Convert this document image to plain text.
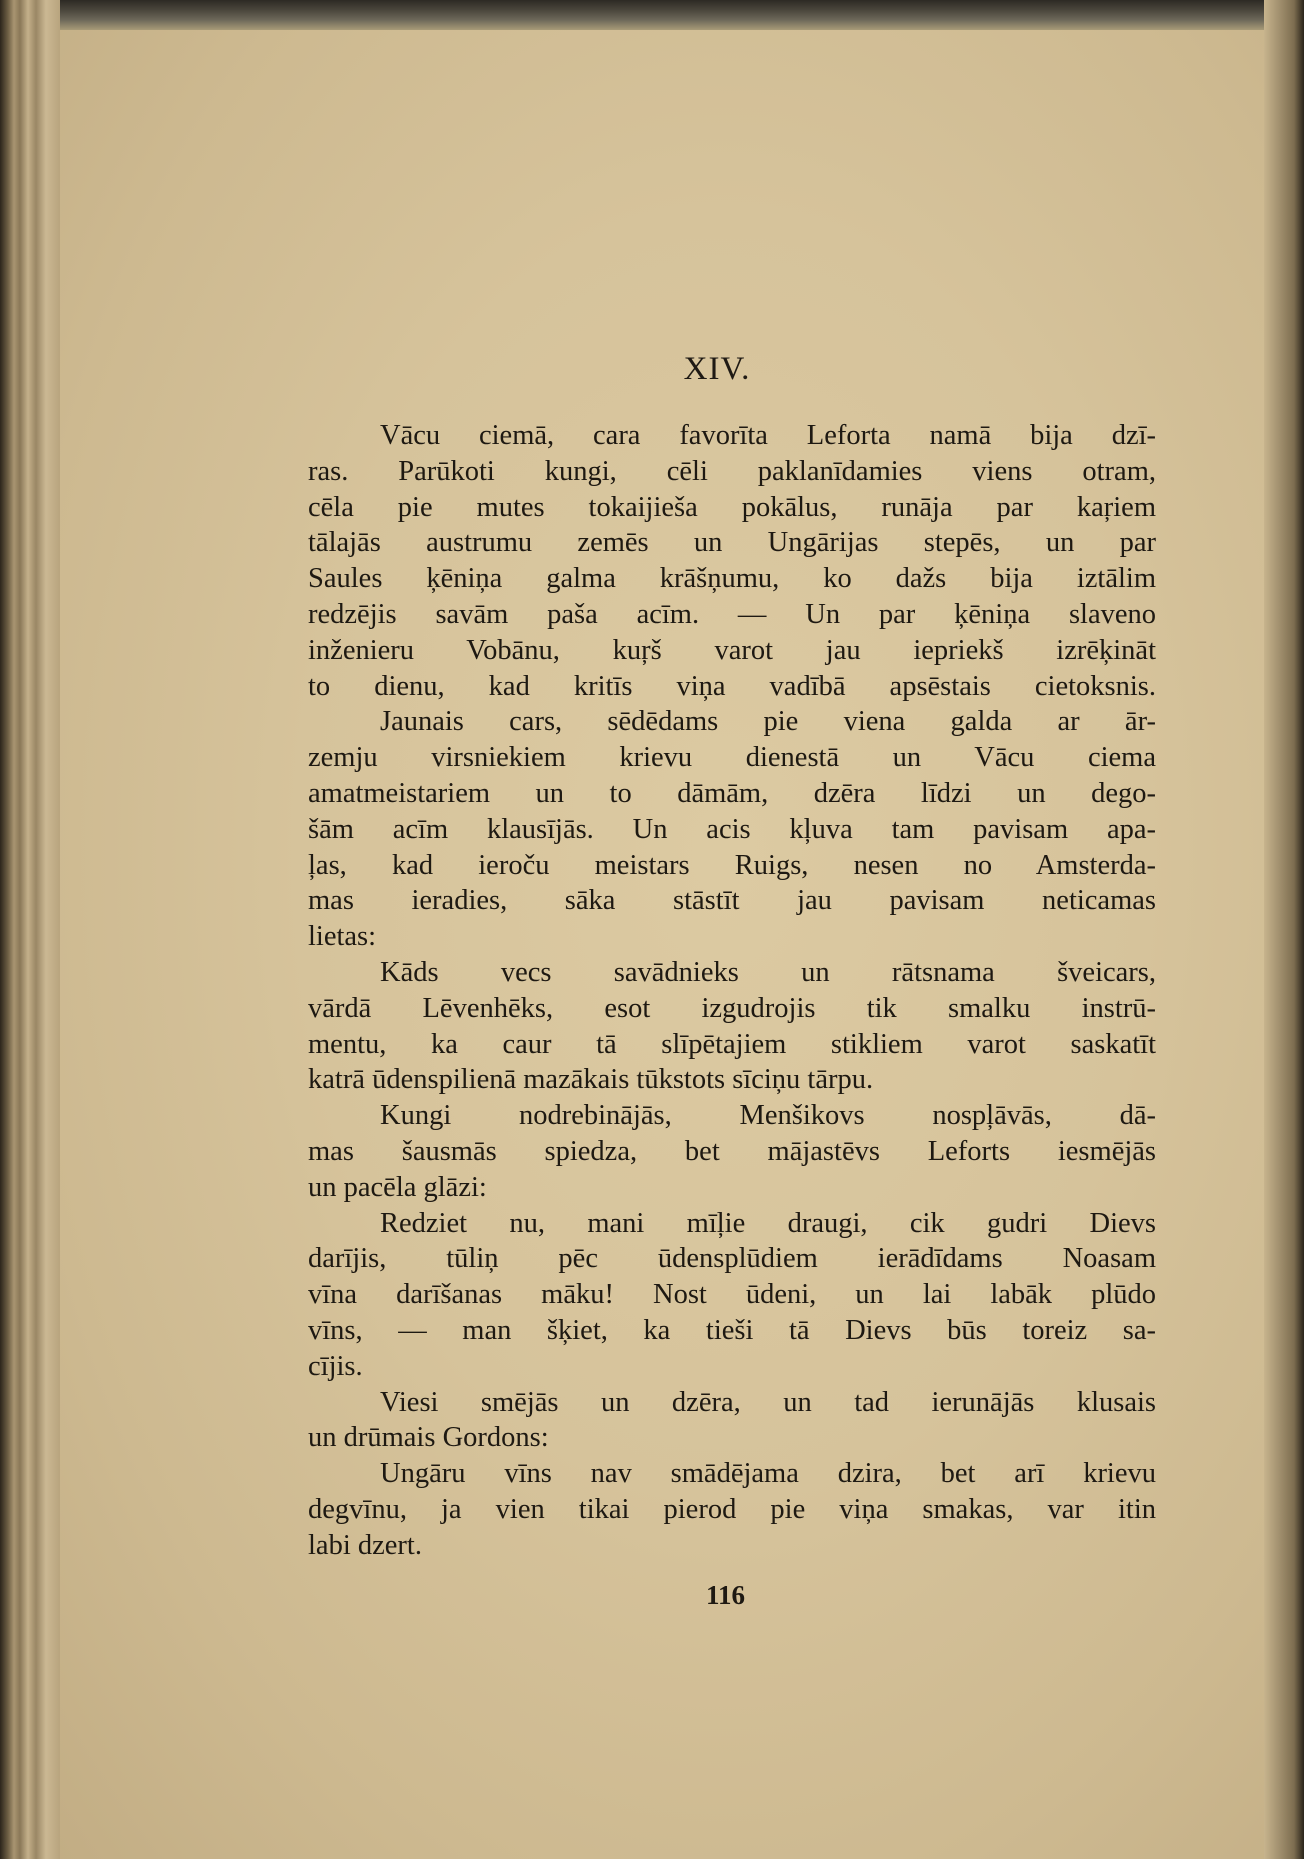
XIV.
Vācu ciemā, cara favorīta Leforta namā bija dzī-
ras. Parūkoti kungi, cēli paklanīdamies viens otram,
cēla pie mutes tokaijieša pokālus, runāja par kaŗiem
tālajās austrumu zemēs un Ungārijas stepēs, un par
Saules ķēniņa galma krāšņumu, ko dažs bija iztālim
redzējis savām paša acīm. — Un par ķēniņa slaveno
inženieru Vobānu, kuŗš varot jau iepriekš izrēķināt
to dienu, kad kritīs viņa vadībā apsēstais cietoksnis.
Jaunais cars, sēdēdams pie viena galda ar ār-
zemju virsniekiem krievu dienestā un Vācu ciema
amatmeistariem un to dāmām, dzēra līdzi un dego-
šām acīm klausījās. Un acis kļuva tam pavisam apa-
ļas, kad ieroču meistars Ruigs, nesen no Amsterda-
mas ieradies, sāka stāstīt jau pavisam neticamas
lietas:
Kāds vecs savādnieks un rātsnama šveicars,
vārdā Lēvenhēks, esot izgudrojis tik smalku instrū-
mentu, ka caur tā slīpētajiem stikliem varot saskatīt
katrā ūdenspilienā mazākais tūkstots sīciņu tārpu.
Kungi nodrebinājās, Menšikovs nospļāvās, dā-
mas šausmās spiedza, bet mājastēvs Leforts iesmējās
un pacēla glāzi:
Redziet nu, mani mīļie draugi, cik gudri Dievs
darījis, tūliņ pēc ūdensplūdiem ierādīdams Noasam
vīna darīšanas māku! Nost ūdeni, un lai labāk plūdo
vīns, — man šķiet, ka tieši tā Dievs būs toreiz sa-
cījis.
Viesi smējās un dzēra, un tad ierunājās klusais
un drūmais Gordons:
Ungāru vīns nav smādējama dzira, bet arī krievu
degvīnu, ja vien tikai pierod pie viņa smakas, var itin
labi dzert.
116
